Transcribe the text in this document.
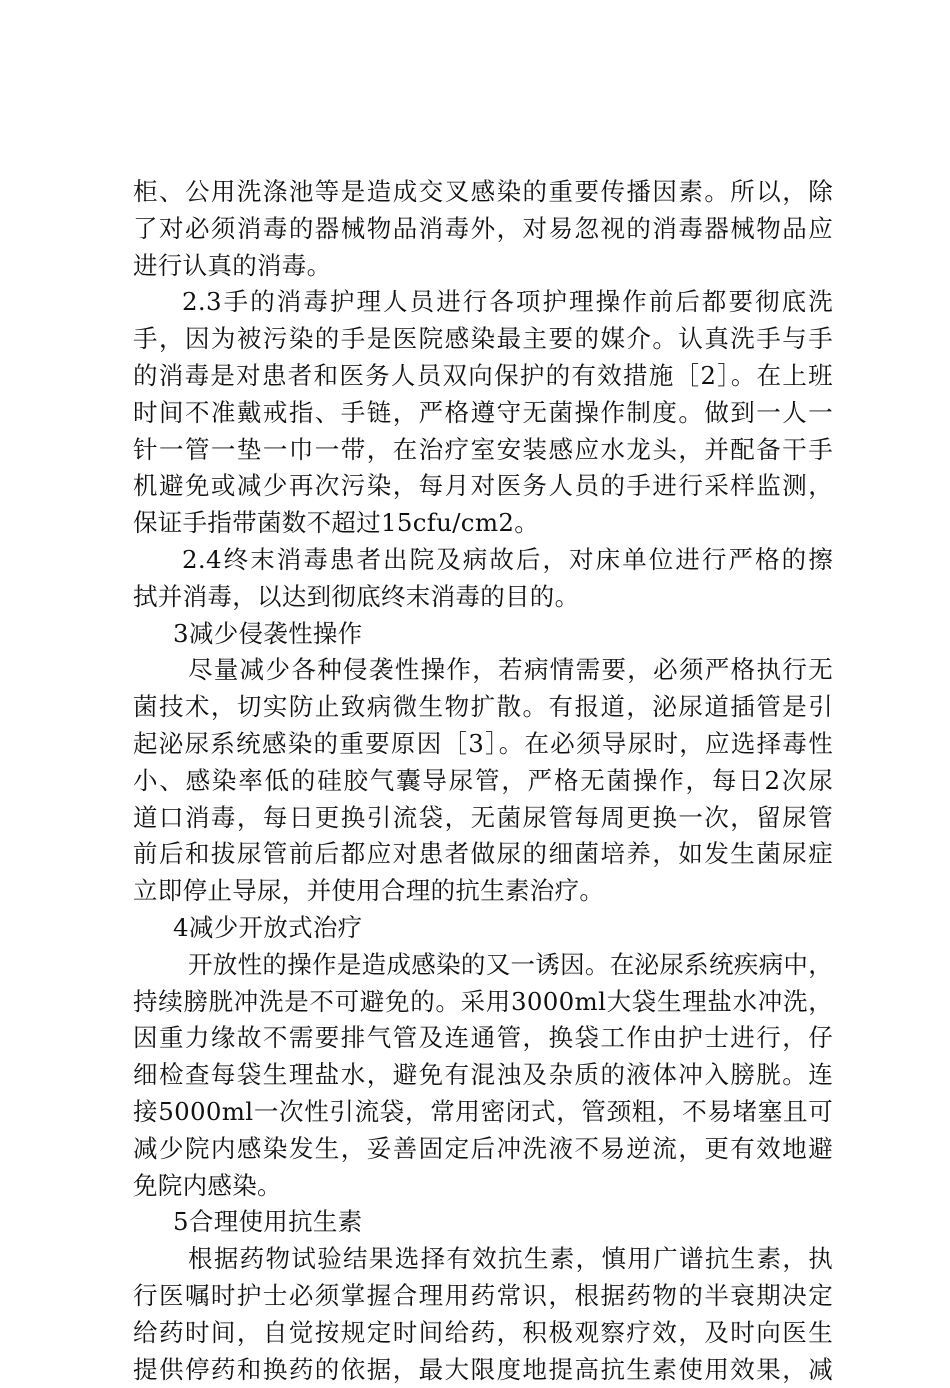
柜、公用洗涤池等是造成交叉感染的重要传播因素。所以，除
了对必须消毒的器械物品消毒外，对易忽视的消毒器械物品应
进行认真的消毒。
2.3手的消毒护理人员进行各项护理操作前后都要彻底洗
手，因为被污染的手是医院感染最主要的媒介。认真洗手与手
的消毒是对患者和医务人员双向保护的有效措施［2］。在上班
时间不准戴戒指、手链，严格遵守无菌操作制度。做到一人一
针一管一垫一巾一带，在治疗室安装感应水龙头，并配备干手
机避免或减少再次污染，每月对医务人员的手进行采样监测，
保证手指带菌数不超过15cfu/cm2。
2.4终末消毒患者出院及病故后，对床单位进行严格的擦
拭并消毒，以达到彻底终末消毒的目的。
3减少侵袭性操作
尽量减少各种侵袭性操作，若病情需要，必须严格执行无
菌技术，切实防止致病微生物扩散。有报道，泌尿道插管是引
起泌尿系统感染的重要原因［3］。在必须导尿时，应选择毒性
小、感染率低的硅胶气囊导尿管，严格无菌操作，每日2次尿
道口消毒，每日更换引流袋，无菌尿管每周更换一次，留尿管
前后和拔尿管前后都应对患者做尿的细菌培养，如发生菌尿症
立即停止导尿，并使用合理的抗生素治疗。
4减少开放式治疗
开放性的操作是造成感染的又一诱因。在泌尿系统疾病中，
持续膀胱冲洗是不可避免的。采用3000ml大袋生理盐水冲洗，
因重力缘故不需要排气管及连通管，换袋工作由护士进行，仔
细检查每袋生理盐水，避免有混浊及杂质的液体冲入膀胱。连
接5000ml一次性引流袋，常用密闭式，管颈粗，不易堵塞且可
减少院内感染发生，妥善固定后冲洗液不易逆流，更有效地避
免院内感染。
5合理使用抗生素
根据药物试验结果选择有效抗生素，慎用广谱抗生素，执
行医嘱时护士必须掌握合理用药常识，根据药物的半衰期决定
给药时间，自觉按规定时间给药，积极观察疗效，及时向医生
提供停药和换药的依据，最大限度地提高抗生素使用效果，减
